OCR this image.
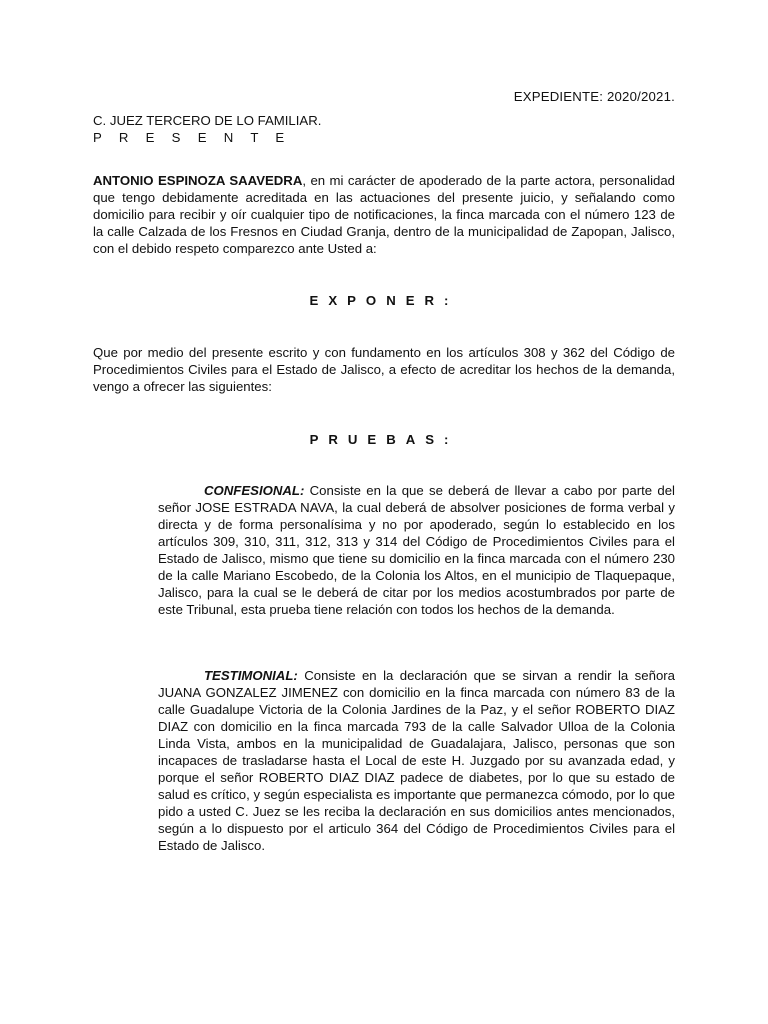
EXPEDIENTE: 2020/2021.
C. JUEZ TERCERO DE LO FAMILIAR.
P R E S E N T E
ANTONIO ESPINOZA SAAVEDRA, en mi carácter de apoderado de la parte actora, personalidad que tengo debidamente acreditada en las actuaciones del presente juicio, y señalando como domicilio para recibir y oír cualquier tipo de notificaciones, la finca marcada con el número 123 de la calle Calzada de los Fresnos en Ciudad Granja, dentro de la municipalidad de Zapopan, Jalisco, con el debido respeto comparezco ante Usted a:
EXPONER:
Que por medio del presente escrito y con fundamento en los artículos 308 y 362 del Código de Procedimientos Civiles para el Estado de Jalisco, a efecto de acreditar los hechos de la demanda, vengo a ofrecer las siguientes:
PRUEBAS:
CONFESIONAL: Consiste en la que se deberá de llevar a cabo por parte del señor JOSE ESTRADA NAVA, la cual deberá de absolver posiciones de forma verbal y directa y de forma personalísima y no por apoderado, según lo establecido en los artículos 309, 310, 311, 312, 313 y 314 del Código de Procedimientos Civiles para el Estado de Jalisco, mismo que tiene su domicilio en la finca marcada con el número 230 de la calle Mariano Escobedo, de la Colonia los Altos, en el municipio de Tlaquepaque, Jalisco, para la cual se le deberá de citar por los medios acostumbrados por parte de este Tribunal, esta prueba tiene relación con todos los hechos de la demanda.
TESTIMONIAL: Consiste en la declaración que se sirvan a rendir la señora JUANA GONZALEZ JIMENEZ con domicilio en la finca marcada con número 83 de la calle Guadalupe Victoria de la Colonia Jardines de la Paz, y el señor ROBERTO DIAZ DIAZ con domicilio en la finca marcada 793 de la calle Salvador Ulloa de la Colonia Linda Vista, ambos en la municipalidad de Guadalajara, Jalisco, personas que son incapaces de trasladarse hasta el Local de este H. Juzgado por su avanzada edad, y porque el señor ROBERTO DIAZ DIAZ padece de diabetes, por lo que su estado de salud es crítico, y según especialista es importante que permanezca cómodo, por lo que pido a usted C. Juez se les reciba la declaración en sus domicilios antes mencionados, según a lo dispuesto por el articulo 364 del Código de Procedimientos Civiles para el Estado de Jalisco.
